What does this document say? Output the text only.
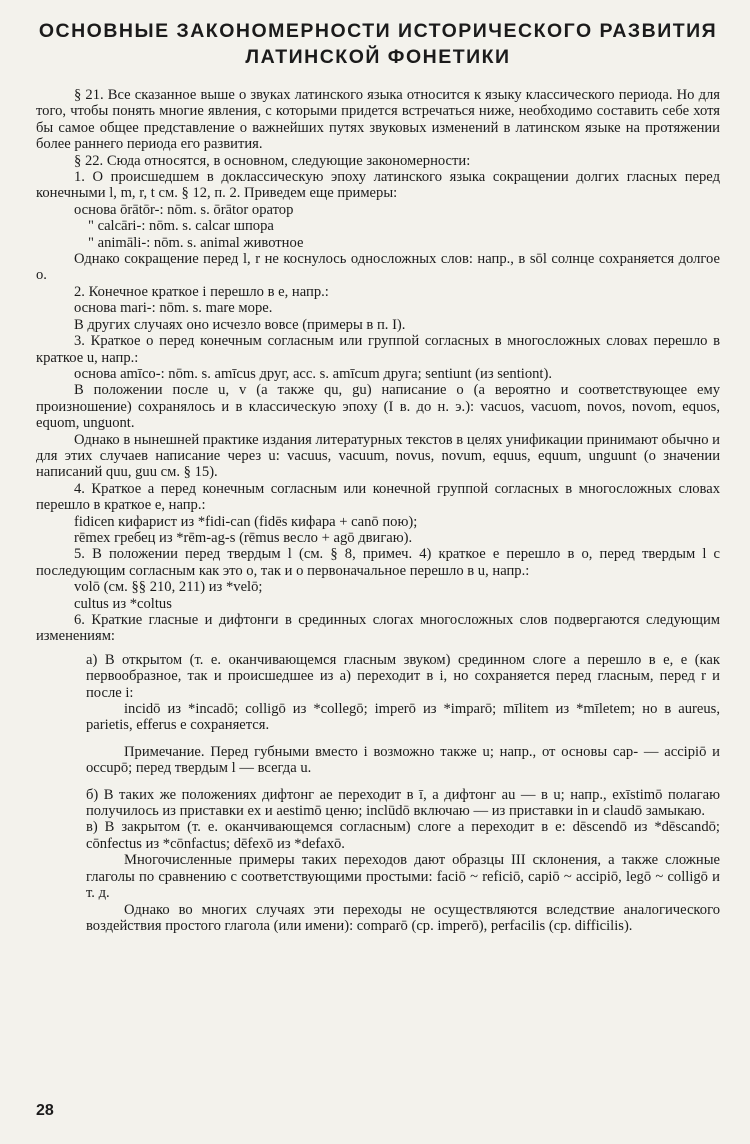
ОСНОВНЫЕ ЗАКОНОМЕРНОСТИ ИСТОРИЧЕСКОГО РАЗВИТИЯ
ЛАТИНСКОЙ ФОНЕТИКИ

§ 21. Все сказанное выше о звуках латинского языка относится к языку классического периода. Но для того, чтобы понять многие явления, с которыми придется встречаться ниже, необходимо составить себе хотя бы самое общее представление о важнейших путях звуковых изменений в латинском языке на протяжении более раннего периода его развития.

§ 22. Сюда относятся, в основном, следующие закономерности:

1. О происшедшем в доклассическую эпоху латинского языка сокращении долгих гласных перед конечными l, m, r, t см. § 12, п. 2. Приведем еще примеры:

основа ōrātōr-: nōm. s. ōrātor оратор

" calcāri-: nōm. s. calcar шпора

" animāli-: nōm. s. animal животное

Однако сокращение перед l, r не коснулось односложных слов: напр., в sōl солнце сохраняется долгое o.

2. Конечное краткое i перешло в e, напр.:

основа mari-: nōm. s. mare море.

В других случаях оно исчезло вовсе (примеры в п. I).

3. Краткое o перед конечным согласным или группой согласных в многосложных словах перешло в краткое u, напр.:

основа amīco-: nōm. s. amīcus друг, acc. s. amīcum друга; sentiunt (из sentiont).

В положении после u, v (а также qu, gu) написание o (а вероятно и соответствующее ему произношение) сохранялось и в классическую эпоху (I в. до н. э.): vacuos, vacuom, novos, novom, equos, equom, unguont.

Однако в нынешней практике издания литературных текстов в целях унификации принимают обычно и для этих случаев написание через u: vacuus, vacuum, novus, novum, equus, equum, unguunt (о значении написаний quu, guu см. § 15).

4. Краткое a перед конечным согласным или конечной группой согласных в многосложных словах перешло в краткое e, напр.:

fidicen кифарист из *fidi-can (fidēs кифара + canō пою);

rēmex гребец из *rēm-ag-s (rēmus весло + agō двигаю).

5. В положении перед твердым l (см. § 8, примеч. 4) краткое e перешло в o, перед твердым l с последующим согласным как это o, так и o первоначальное перешло в u, напр.:

volō (см. §§ 210, 211) из *velō;

cultus из *coltus

6. Краткие гласные и дифтонги в срединных слогах многосложных слов подвергаются следующим изменениям:

а) В открытом (т. е. оканчивающемся гласным звуком) срединном слоге a перешло в e, e (как первообразное, так и происшедшее из a) переходит в i, но сохраняется перед гласным, перед r и после i:

incidō из *incadō; colligō из *collegō; imperō из *imparō; mīlitem из *mīletem; но в aureus, parietis, efferus e сохраняется.

Примечание. Перед губными вместо i возможно также u; напр., от основы cap- — accipiō и occupō; перед твердым l — всегда u.

б) В таких же положениях дифтонг ae переходит в ī, а дифтонг au — в u; напр., exīstimō полагаю получилось из приставки ex и aestimō ценю; inclūdō включаю — из приставки in и claudō замыкаю.

в) В закрытом (т. е. оканчивающемся согласным) слоге a переходит в e: dēscendō из *dēscandō; cōnfectus из *cōnfactus; dēfexō из *defaxō.

Многочисленные примеры таких переходов дают образцы III склонения, а также сложные глаголы по сравнению с соответствующими простыми: faciō ~ reficiō, capiō ~ accipiō, legō ~ colligō и т. д.

Однако во многих случаях эти переходы не осуществляются вследствие аналогического воздействия простого глагола (или имени): comparō (ср. imperō), perfacilis (ср. difficilis).

28
